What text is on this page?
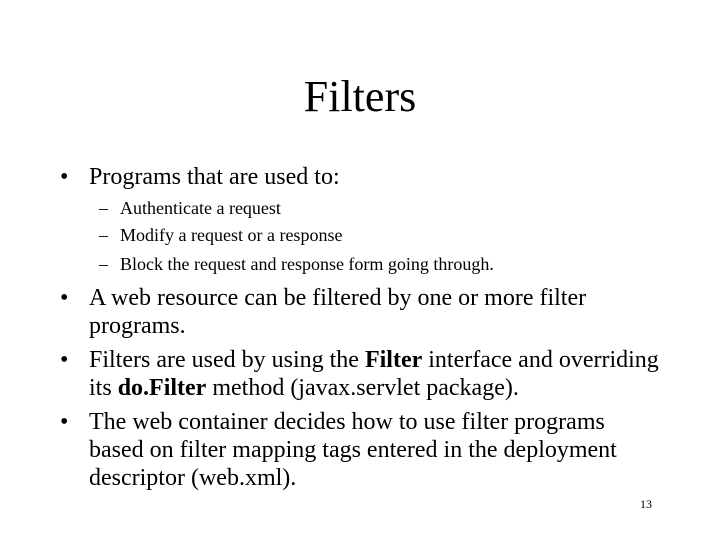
Filters
• Programs that are used to:
– Authenticate a request
– Modify a request or a response
– Block the request and response form going through.
• A web resource can be filtered by one or more filter
programs.
• Filters are used by using the Filter interface and overriding
its do.Filter method (javax.servlet package).
• The web container decides how to use filter programs
based on filter mapping tags entered in the deployment
descriptor (web.xml).
13
